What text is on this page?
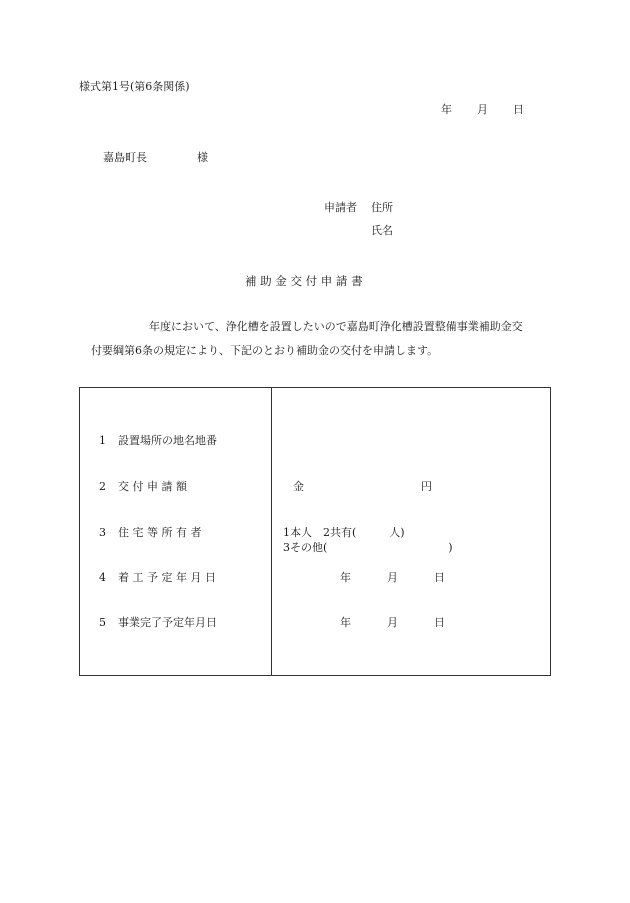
様式第1号(第6条関係)
年 月 日
嘉島町長	様
申請者 住所
氏名
補 助 金 交 付 申 請 書
年度において、浄化槽を設置したいので嘉島町浄化槽設置整備事業補助金交
付要綱第6条の規定により、下記のとおり補助金の交付を申請します。
1 設置場所の地名地番
2 交 付 申 請 額	金	円
3 住 宅 等 所 有 者	1本人　2共有(　　　人)
3その他(　　　　　　　　　　　)
4 着 工 予 定 年 月 日	年	月	日
5 事業完了予定年月日	年	月	日
